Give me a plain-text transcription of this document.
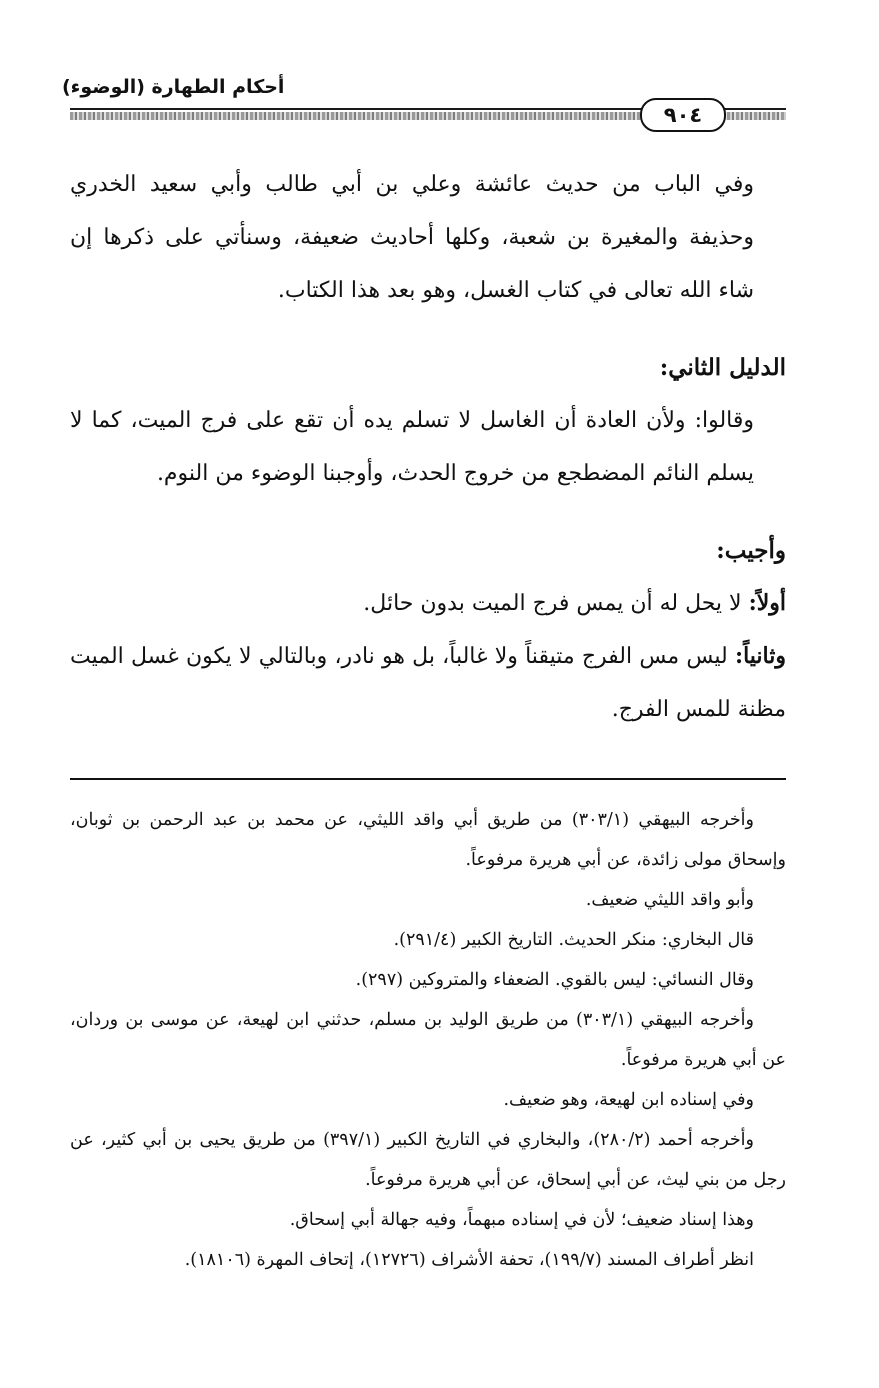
أحكام الطهارة (الوضوء)
٩٠٤

وفي الباب من حديث عائشة وعلي بن أبي طالب وأبي سعيد الخدري وحذيفة والمغيرة بن شعبة، وكلها أحاديث ضعيفة، وسنأتي على ذكرها إن شاء الله تعالى في كتاب الغسل، وهو بعد هذا الكتاب.

الدليل الثاني:

وقالوا: ولأن العادة أن الغاسل لا تسلم يده أن تقع على فرج الميت، كما لا يسلم النائم المضطجع من خروج الحدث، وأوجبنا الوضوء من النوم.

وأجيب:

أولاً: لا يحل له أن يمس فرج الميت بدون حائل.

وثانياً: ليس مس الفرج متيقناً ولا غالباً، بل هو نادر، وبالتالي لا يكون غسل الميت مظنة للمس الفرج.

وأخرجه البيهقي (٣٠٣/١) من طريق أبي واقد الليثي، عن محمد بن عبد الرحمن بن ثوبان، وإسحاق مولى زائدة، عن أبي هريرة مرفوعاً.

وأبو واقد الليثي ضعيف.

قال البخاري: منكر الحديث. التاريخ الكبير (٢٩١/٤).

وقال النسائي: ليس بالقوي. الضعفاء والمتروكين (٢٩٧).

وأخرجه البيهقي (٣٠٣/١) من طريق الوليد بن مسلم، حدثني ابن لهيعة، عن موسى بن وردان، عن أبي هريرة مرفوعاً.

وفي إسناده ابن لهيعة، وهو ضعيف.

وأخرجه أحمد (٢٨٠/٢)، والبخاري في التاريخ الكبير (٣٩٧/١) من طريق يحيى بن أبي كثير، عن رجل من بني ليث، عن أبي إسحاق، عن أبي هريرة مرفوعاً.

وهذا إسناد ضعيف؛ لأن في إسناده مبهماً، وفيه جهالة أبي إسحاق.

انظر أطراف المسند (١٩٩/٧)، تحفة الأشراف (١٢٧٢٦)، إتحاف المهرة (١٨١٠٦).
